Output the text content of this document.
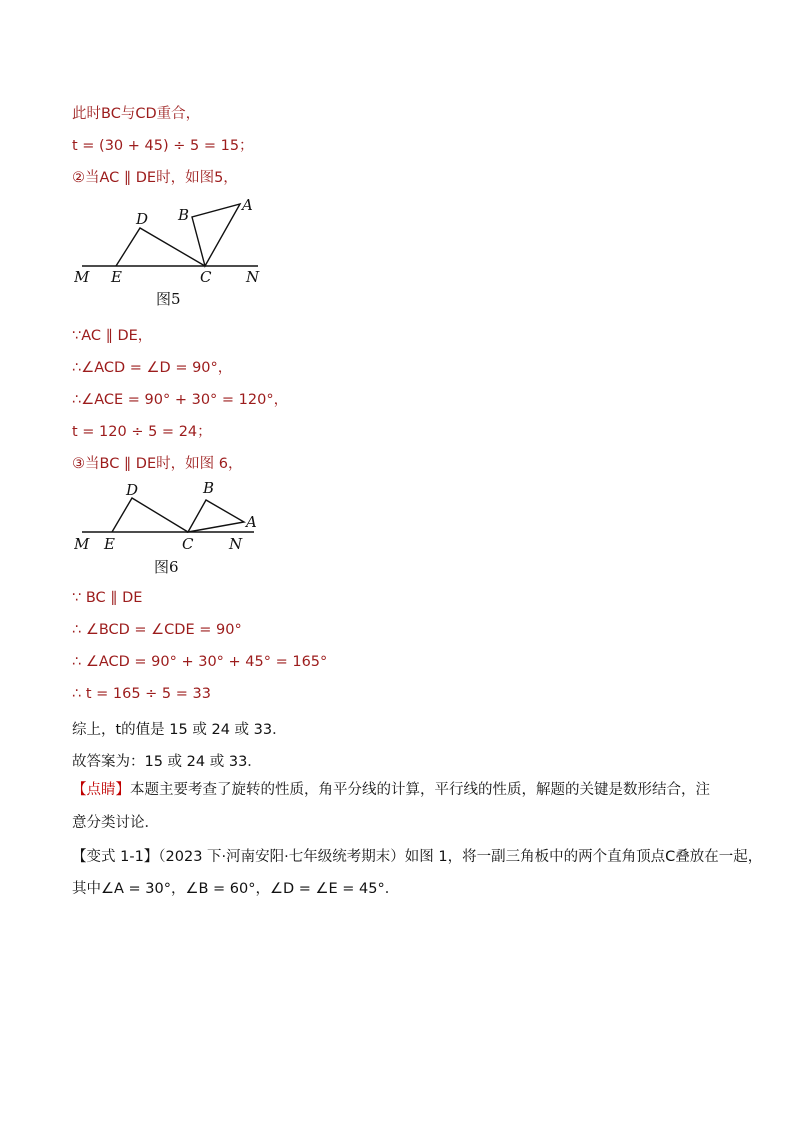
此时BC与CD重合，
t = (30 + 45) ÷ 5 = 15；
②当AC ∥ DE时，如图5，
M E	C N
D B
A
图5
∵AC ∥ DE，
∴∠ACD = ∠D = 90°，
∴∠ACE = 90° + 30° = 120°，
t = 120 ÷ 5 = 24；
③当BC ∥ DE时，如图 6，
M E	C N
D	B
A
图6
∵ BC ∥ DE
∴ ∠BCD = ∠CDE = 90°
∴ ∠ACD = 90° + 30° + 45° = 165°
∴ t = 165 ÷ 5 = 33
综上，t的值是 15 或 24 或 33．
故答案为：15 或 24 或 33．
【点睛】本题主要考查了旋转的性质，角平分线的计算，平行线的性质，解题的关键是数形结合，注意分类讨论．
【变式 1-1】（2023 下·河南安阳·七年级统考期末）如图 1，将一副三角板中的两个直角顶点C叠放在一起，
其中∠A = 30°，∠B = 60°，∠D = ∠E = 45°．
